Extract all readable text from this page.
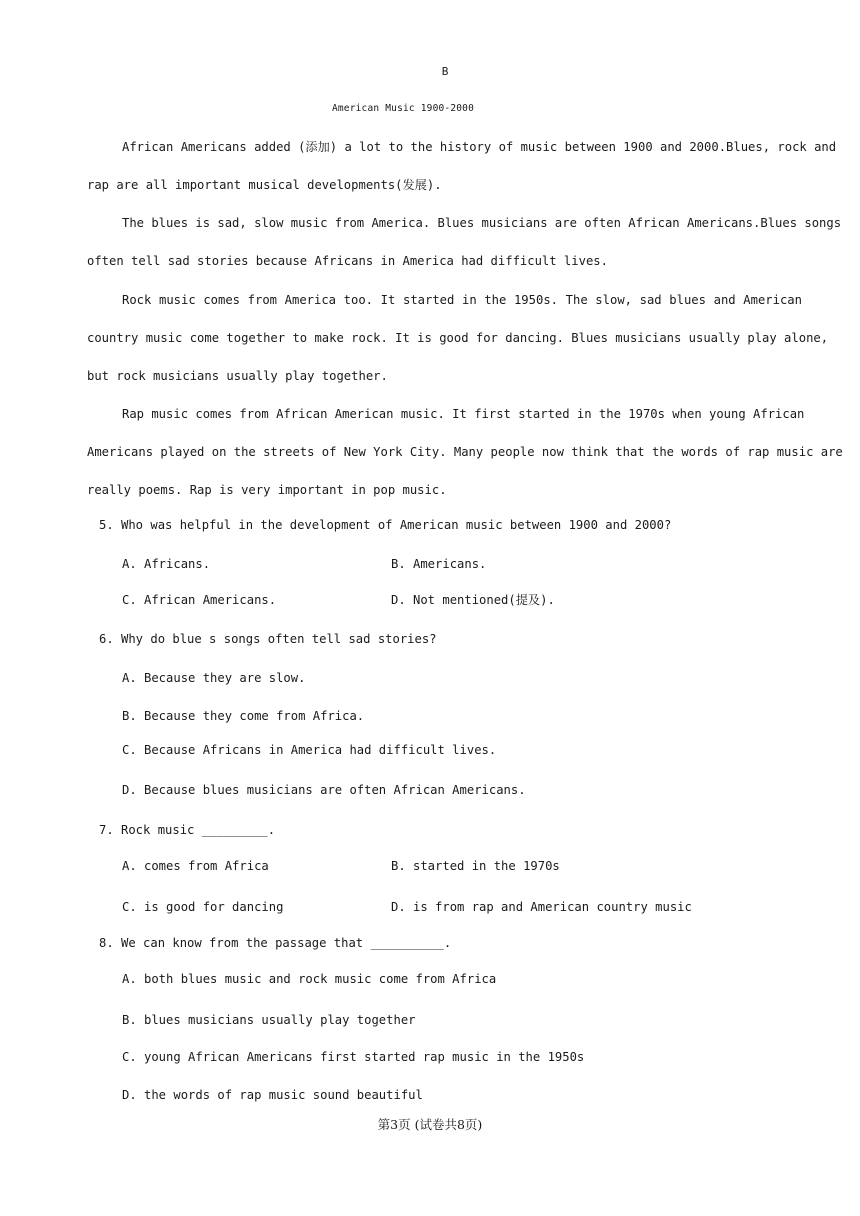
B
American Music 1900-2000
African Americans added (添加) a lot to the history of music between 1900 and 2000.Blues, rock and
rap are all important musical developments(发展).
The blues is sad, slow music from America. Blues musicians are often African Americans.Blues songs
often tell sad stories because Africans in America had difficult lives.
Rock music comes from America too. It started in the 1950s. The slow, sad blues and American
country music come together to make rock. It is good for dancing. Blues musicians usually play alone,
but rock musicians usually play together.
Rap music comes from African American music. It first started in the 1970s when young African
Americans played on the streets of New York City. Many people now think that the words of rap music are
really poems. Rap is very important in pop music.
5. Who was helpful in the development of American music between 1900 and 2000?
A. Africans.	B. Americans.
C. African Americans.	D. Not mentioned(提及).
6. Why do blue s songs often tell sad stories?
A. Because they are slow.
B. Because they come from Africa.
C. Because Africans in America had difficult lives.
D. Because blues musicians are often African Americans.
7. Rock music _________.
A. comes from Africa	B. started in the 1970s
C. is good for dancing	D. is from rap and American country music
8. We can know from the passage that __________.
A. both blues music and rock music come from Africa
B. blues musicians usually play together
C. young African Americans first started rap music in the 1950s
D. the words of rap music sound beautiful
第3页 (试卷共8页)
